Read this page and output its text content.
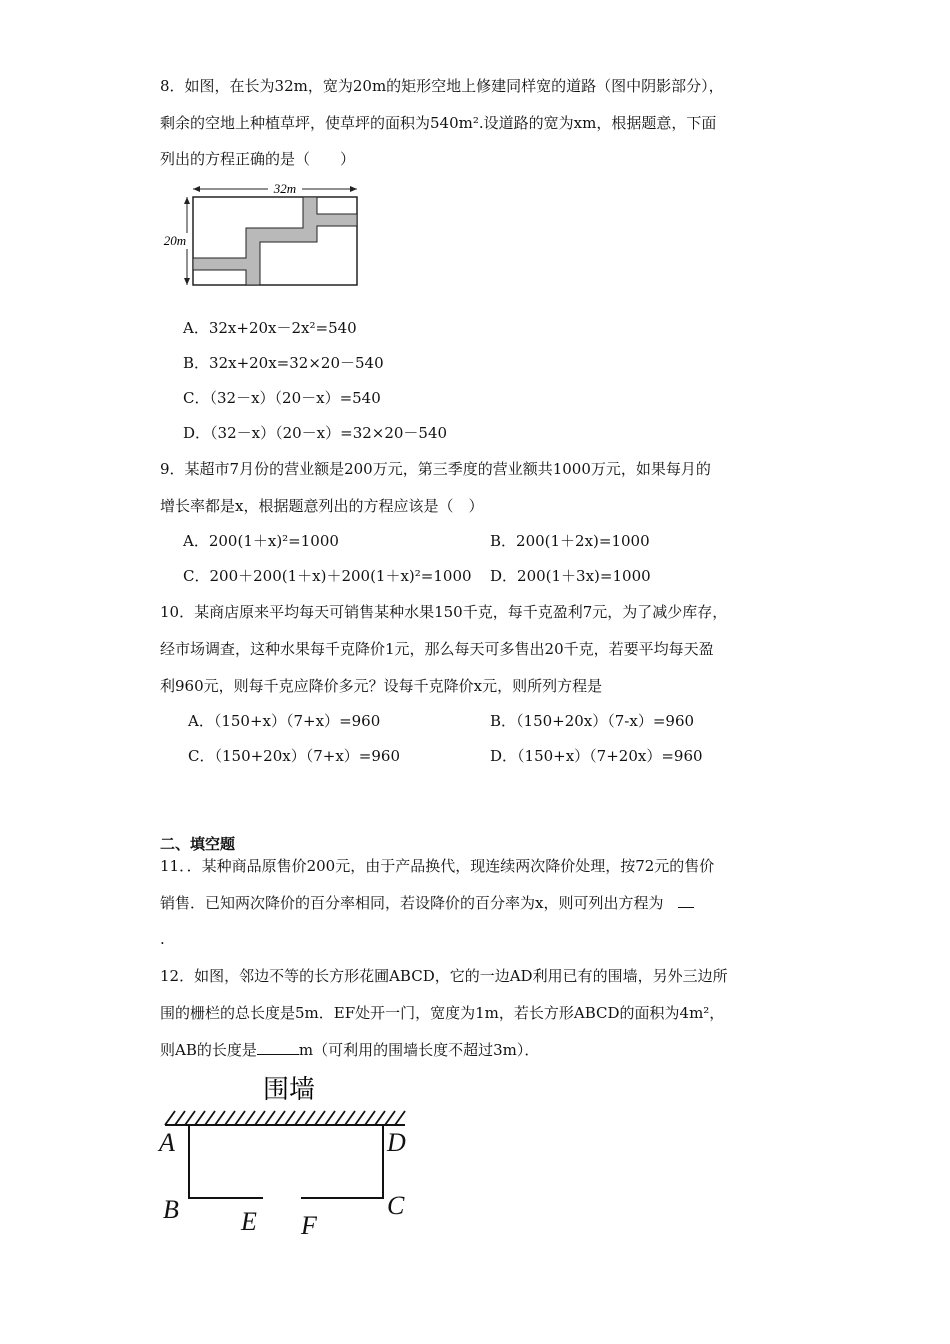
8．如图，在长为32m，宽为20m的矩形空地上修建同样宽的道路（图中阴影部分），
剩余的空地上种植草坪，使草坪的面积为540m².设道路的宽为xm，根据题意，下面
列出的方程正确的是（　　）
32m
20m
A．32x+20x－2x²=540
B．32x+20x=32×20－540
C．（32－x）（20－x）=540
D．（32－x）（20－x）=32×20－540
9．某超市7月份的营业额是200万元，第三季度的营业额共1000万元，如果每月的
增长率都是x，根据题意列出的方程应该是（　）
A．200(1＋x)²=1000	B．200(1＋2x)=1000
C．200＋200(1＋x)＋200(1＋x)²=1000 D．200(1＋3x)=1000
10．某商店原来平均每天可销售某种水果150千克，每千克盈利7元，为了减少库存，
经市场调查，这种水果每千克降价1元，那么每天可多售出20千克，若要平均每天盈
利960元，则每千克应降价多元？设每千克降价x元，则所列方程是
A．（150+x）（7+x）=960	B．（150+20x）（7-x）=960
C．（150+20x）（7+x）=960	D．（150+x）（7+20x）=960
二、填空题
11．．某种商品原售价200元，由于产品换代，现连续两次降价处理，按72元的售价
销售．已知两次降价的百分率相同，若设降价的百分率为x，则可列出方程为
.
12．如图，邻边不等的长方形花圃ABCD，它的一边AD利用已有的围墙，另外三边所
围的栅栏的总长度是5m．EF处开一门，宽度为1m，若长方形ABCD的面积为4m²，
则AB的长度是	m（可利用的围墙长度不超过3m）．
围墙
A	D
B	C
E F
